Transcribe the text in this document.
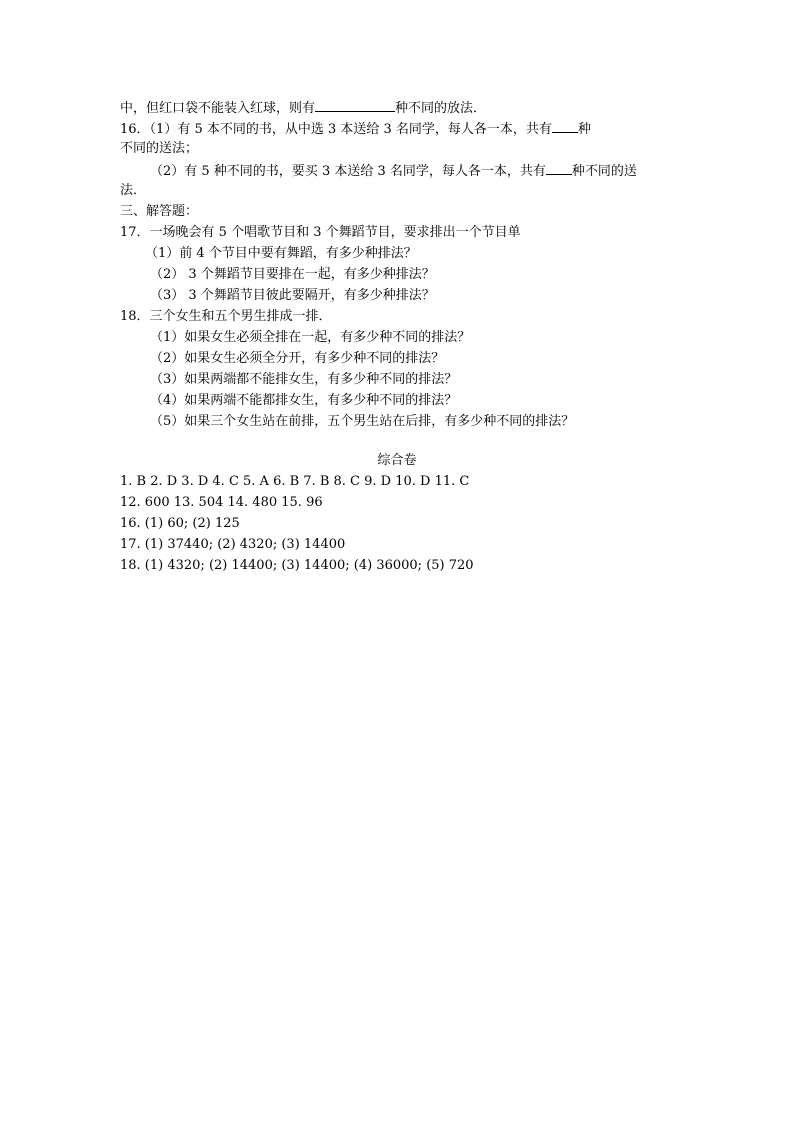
中，但红口袋不能装入红球，则有	种不同的放法．
16．（1）有 5 本不同的书，从中选 3 本送给 3 名同学，每人各一本，共有 种
不同的送法；
（2）有 5 种不同的书，要买 3 本送给 3 名同学，每人各一本，共有 种不同的送
法．
三、解答题：
17．一场晚会有 5 个唱歌节目和 3 个舞蹈节目，要求排出一个节目单
（1）前 4 个节目中要有舞蹈，有多少种排法？
（2） 3 个舞蹈节目要排在一起，有多少种排法？
（3） 3 个舞蹈节目彼此要隔开，有多少种排法？
18．三个女生和五个男生排成一排．
（1）如果女生必须全排在一起，有多少种不同的排法？
（2）如果女生必须全分开，有多少种不同的排法？
（3）如果两端都不能排女生，有多少种不同的排法？
（4）如果两端不能都排女生，有多少种不同的排法？
（5）如果三个女生站在前排，五个男生站在后排，有多少种不同的排法？
综合卷
1. B 2. D 3. D 4. C 5. A 6. B 7. B 8. C 9. D 10. D 11. C
12. 600 13. 504 14. 480 15. 96
16. (1) 60; (2) 125
17. (1) 37440; (2) 4320; (3) 14400
18. (1) 4320; (2) 14400; (3) 14400; (4) 36000; (5) 720
